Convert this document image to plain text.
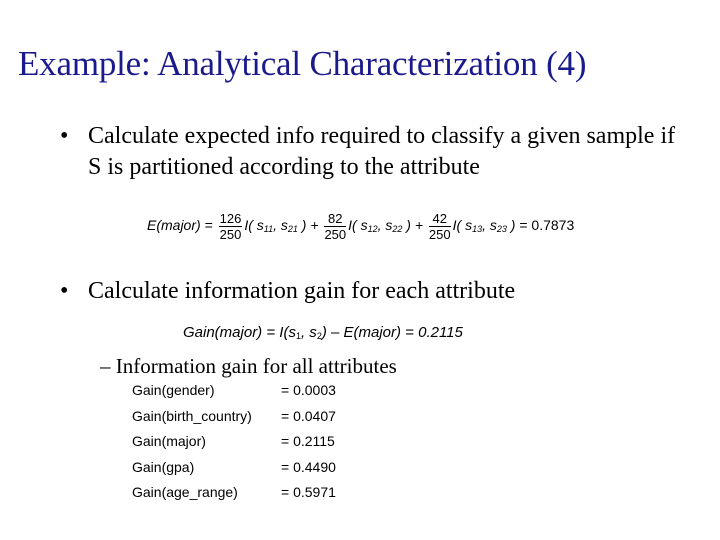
Example: Analytical Characterization (4)
• Calculate expected info required to classify a given sample if S is partitioned according to the attribute
E(major) = $\frac{126}{250} I$( $s_{11}$, $s_{21}$ ) + $\frac{82}{250} I$( $s_{12}$, $s_{22}$ ) + $\frac{42}{250} I$( $s_{13}$, $s_{23}$ ) = 0.7873
• Calculate information gain for each attribute
Gain(major) = $I(s_1$, $s_2$) – E(major) = 0.2115
– Information gain for all attributes
Gain(gender)	= 0.0003
Gain(birth_country) = 0.0407
Gain(major)	= 0.2115
Gain(gpa)	= 0.4490
Gain(age_range)	= 0.5971
